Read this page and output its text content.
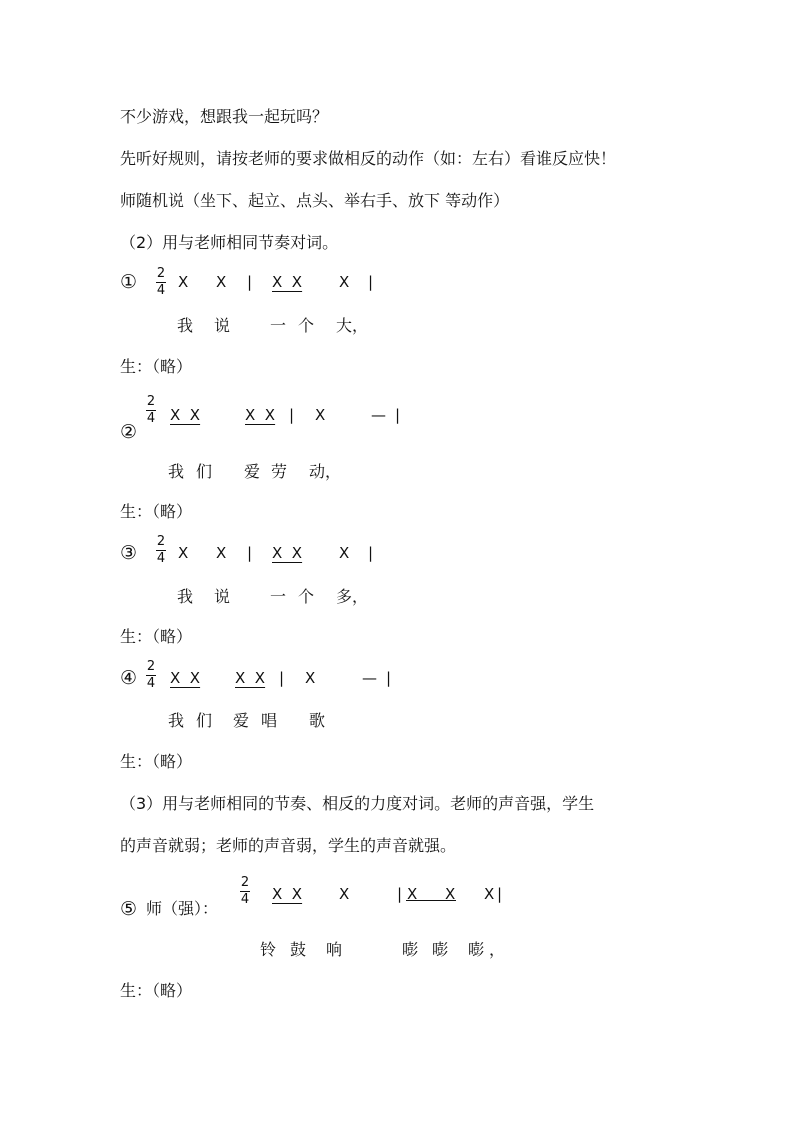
不少游戏，想跟我一起玩吗？
先听好规则，请按老师的要求做相反的动作（如：左右）看谁反应快！
师随机说（坐下、起立、点头、举右手、放下 等动作）
（2）用与老师相同节奏对词。
① 2
4 X X | X  X X |
我 说 一 个 大，
生：（略）
②
2
4 X  X	X  X | X	— |
我 们 爱 劳 动，
生：（略）
③
2
4 X X | X  X X |
我 说 一 个 多，
生：（略）
④
2
4 X  X X  X | X	— |
我 们 爱 唱 歌
生：（略）
（3）用与老师相同的节奏、相反的力度对词。老师的声音强，学生
的声音就弱；老师的声音弱，学生的声音就强。
⑤ 师（强）：
2
4 X  X X	| X X X |
铃 鼓 响	嘭 嘭 嘭 ，
生：（略）
